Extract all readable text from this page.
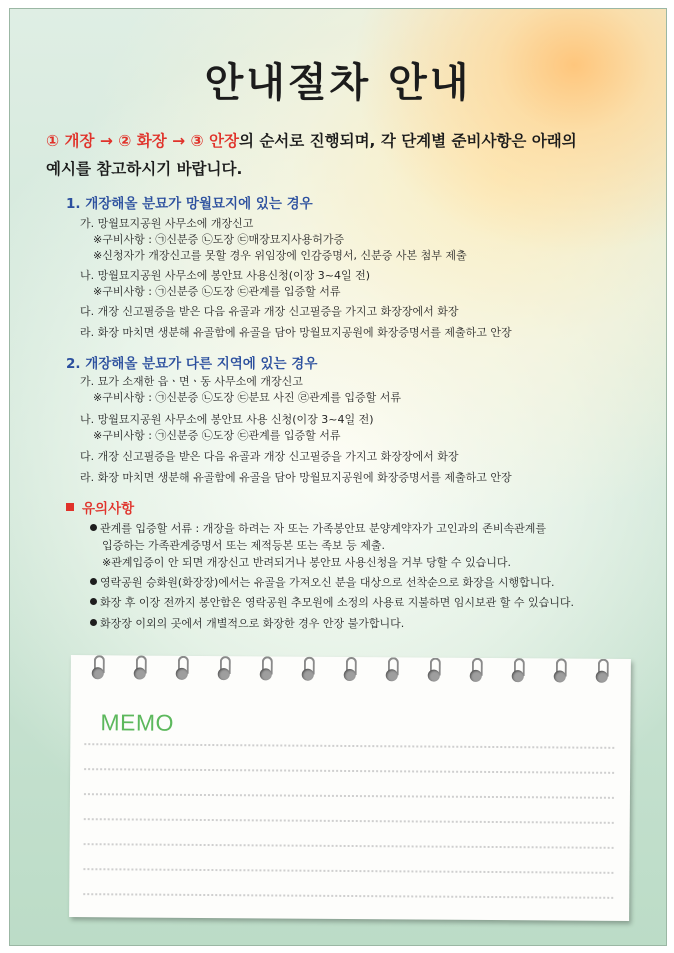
안내절차 안내
① 개장 → ② 화장 → ③ 안장의 순서로 진행되며, 각 단계별 준비사항은 아래의
예시를 참고하시기 바랍니다.
1. 개장해올 분묘가 망월묘지에 있는 경우
가. 망월묘지공원 사무소에 개장신고
※구비사항 : ㉠신분증 ㉡도장 ㉢매장묘지사용허가증
※신청자가 개장신고를 못할 경우 위임장에 인감증명서, 신분증 사본 첨부 제출
나. 망월묘지공원 사무소에 봉안묘 사용신청(이장 3~4일 전)
※구비사항 : ㉠신분증 ㉡도장 ㉢관계를 입증할 서류
다. 개장 신고필증을 받은 다음 유골과 개장 신고필증을 가지고 화장장에서 화장
라. 화장 마치면 생분해 유골함에 유골을 담아 망월묘지공원에 화장증명서를 제출하고 안장
2. 개장해올 분묘가 다른 지역에 있는 경우
가. 묘가 소재한 읍ㆍ면ㆍ동 사무소에 개장신고
※구비사항 : ㉠신분증 ㉡도장 ㉢분묘 사진 ㉣관계를 입증할 서류
나. 망월묘지공원 사무소에 봉안묘 사용 신청(이장 3~4일 전)
※구비사항 : ㉠신분증 ㉡도장 ㉢관계를 입증할 서류
다. 개장 신고필증을 받은 다음 유골과 개장 신고필증을 가지고 화장장에서 화장
라. 화장 마치면 생분해 유골함에 유골을 담아 망월묘지공원에 화장증명서를 제출하고 안장
유의사항
관계를 입증할 서류 : 개장을 하려는 자 또는 가족봉안묘 분양계약자가 고인과의 존비속관계를
입증하는 가족관계증명서 또는 제적등본 또는 족보 등 제출.
※관계입증이 안 되면 개장신고 반려되거나 봉안묘 사용신청을 거부 당할 수 있습니다.
영락공원 승화원(화장장)에서는 유골을 가져오신 분을 대상으로 선착순으로 화장을 시행합니다.
화장 후 이장 전까지 봉안함은 영락공원 추모원에 소정의 사용료 지불하면 임시보관 할 수 있습니다.
화장장 이외의 곳에서 개별적으로 화장한 경우 안장 불가합니다.
MEMO
